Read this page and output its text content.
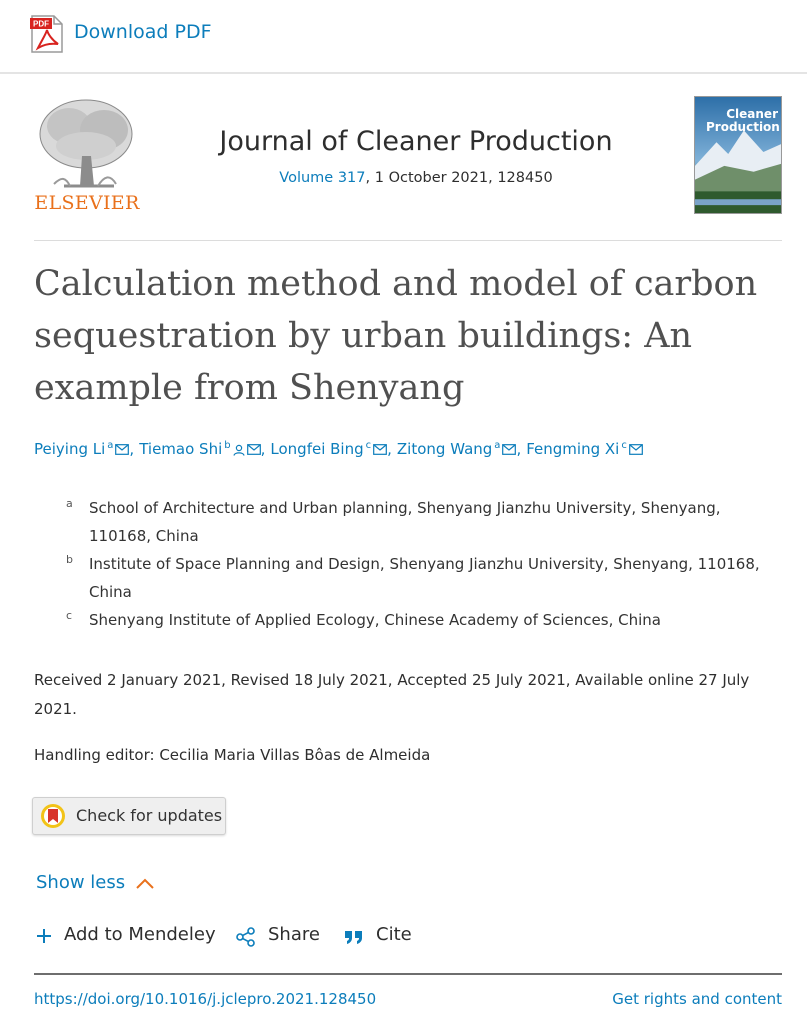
PDF Download PDF
ELSEVIER
Journal of Cleaner Production
Volume 317, 1 October 2021, 128450
Cleaner
Production
Calculation method and model of carbon sequestration by urban buildings: An example from Shenyang
Peiying Li $^a$ , Tiemao Shi $^b$ , Longfei Bing $^c$ , Zitong Wang $^a$ , Fengming Xi $^c$
a School of Architecture and Urban planning, Shenyang Jianzhu University, Shenyang,
110168, China
b Institute of Space Planning and Design, Shenyang Jianzhu University, Shenyang, 110168,
China
c Shenyang Institute of Applied Ecology, Chinese Academy of Sciences, China
Received 2 January 2021, Revised 18 July 2021, Accepted 25 July 2021, Available online 27 July
2021.
Handling editor: Cecilia Maria Villas Bôas de Almeida
Check for updates
Show less
Add to Mendeley	Share	Cite
https://doi.org/10.1016/j.jclepro.2021.128450	Get rights and content
